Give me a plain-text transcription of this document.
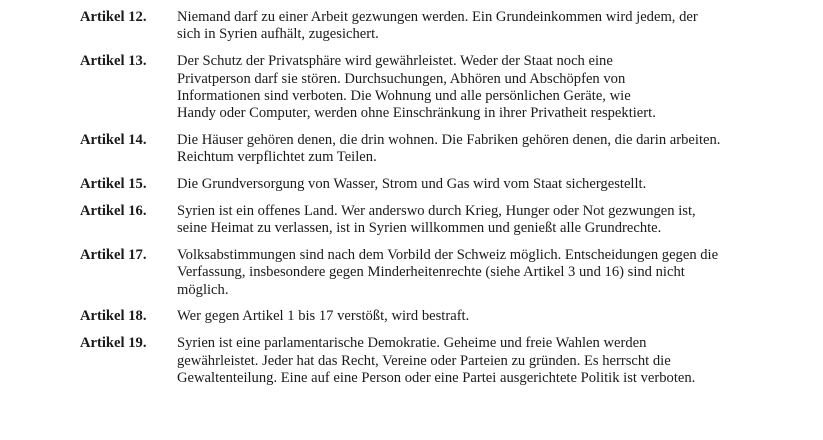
Artikel 12.	Niemand darf zu einer Arbeit gezwungen werden. Ein Grundeinkommen wird jedem, der
sich in Syrien aufhält, zugesichert.
Artikel 13.	Der Schutz der Privatsphäre wird gewährleistet. Weder der Staat noch eine
Privatperson darf sie stören. Durchsuchungen, Abhören und Abschöpfen von
Informationen sind verboten. Die Wohnung und alle persönlichen Geräte, wie
Handy oder Computer, werden ohne Einschränkung in ihrer Privatheit respektiert.
Artikel 14.	Die Häuser gehören denen, die drin wohnen. Die Fabriken gehören denen, die darin arbeiten.
Reichtum verpflichtet zum Teilen.
Artikel 15.	Die Grundversorgung von Wasser, Strom und Gas wird vom Staat sichergestellt.
Artikel 16.	Syrien ist ein offenes Land. Wer anderswo durch Krieg, Hunger oder Not gezwungen ist,
seine Heimat zu verlassen, ist in Syrien willkommen und genießt alle Grundrechte.
Artikel 17.	Volksabstimmungen sind nach dem Vorbild der Schweiz möglich. Entscheidungen gegen die
Verfassung, insbesondere gegen Minderheitenrechte (siehe Artikel 3 und 16) sind nicht
möglich.
Artikel 18.	Wer gegen Artikel 1 bis 17 verstößt, wird bestraft.
Artikel 19.	Syrien ist eine parlamentarische Demokratie. Geheime und freie Wahlen werden
gewährleistet. Jeder hat das Recht, Vereine oder Parteien zu gründen. Es herrscht die
Gewaltenteilung. Eine auf eine Person oder eine Partei ausgerichtete Politik ist verboten.
